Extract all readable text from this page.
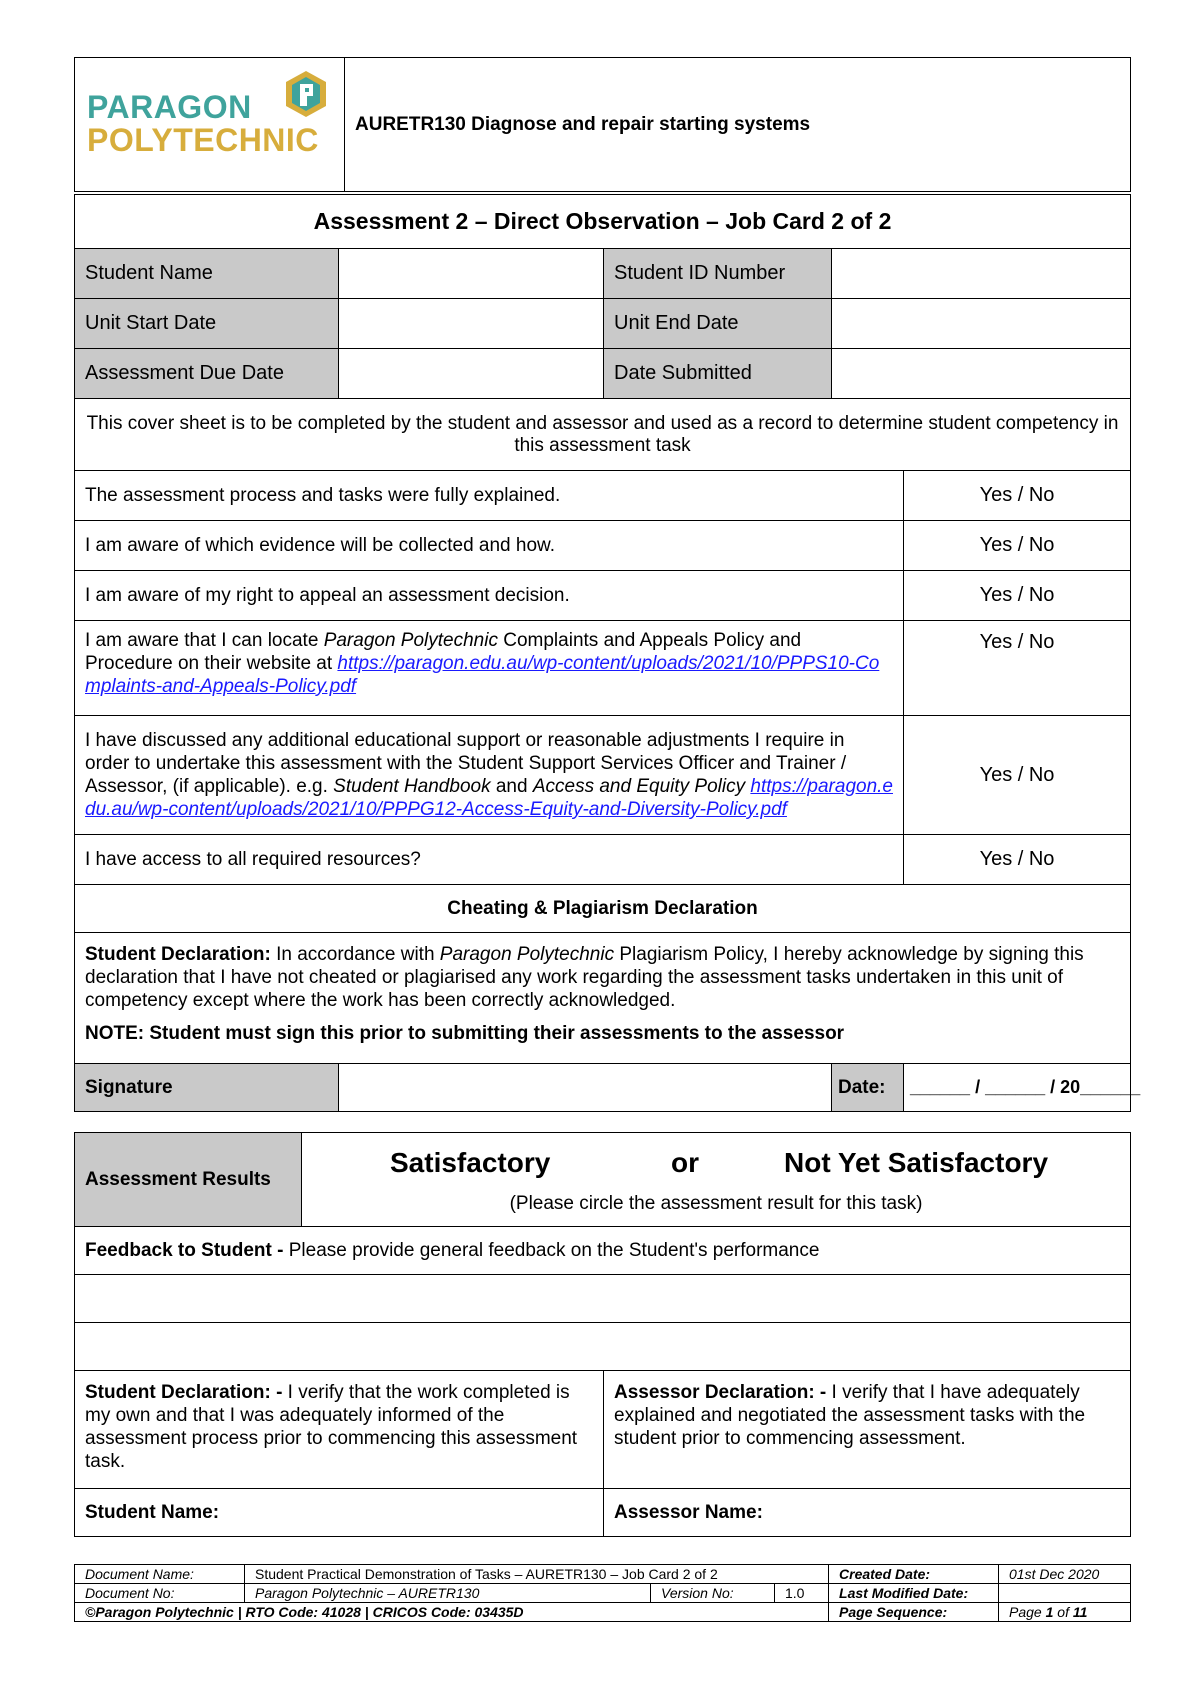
PARAGON
POLYTECHNIC	AURETR130 Diagnose and repair starting systems
Assessment 2 – Direct Observation – Job Card 2 of 2				
Student Name		Student ID Number		
Unit Start Date		Unit End Date		
Assessment Due Date		Date Submitted		
This cover sheet is to be completed by the student and assessor and used as a record to determine student competency in this assessment task				
The assessment process and tasks were fully explained.				Yes / No
I am aware of which evidence will be collected and how.				Yes / No
I am aware of my right to appeal an assessment decision.				Yes / No
I am aware that I can locate Paragon Polytechnic Complaints and Appeals Policy and Procedure on their website at https://paragon.edu.au/wp-content/uploads/2021/10/PPPS10-Complaints-and-Appeals-Policy.pdf				Yes / No
I have discussed any additional educational support or reasonable adjustments I require in order to undertake this assessment with the Student Support Services Officer and Trainer / Assessor, (if applicable). e.g. Student Handbook and Access and Equity Policy https://paragon.edu.au/wp-content/uploads/2021/10/PPPG12-Access-Equity-and-Diversity-Policy.pdf				Yes / No
I have access to all required resources?				Yes / No
Cheating & Plagiarism Declaration				

Student Declaration: In accordance with Paragon Polytechnic Plagiarism Policy, I hereby acknowledge by signing this declaration that I have not cheated or plagiarised any work regarding the assessment tasks undertaken in this unit of competency except where the work has been correctly acknowledged.
NOTE: Student must sign this prior to submitting their assessments to the assessor				

Signature			Date:	______ / ______ / 20______
Assessment Results	Satisfactory or Not Yet Satisfactory
(Please circle the assessment result for this task)	

Feedback to Student - Please provide general feedback on the Student's performance		

Student Declaration: - I verify that the work completed is my own and that I was adequately informed of the assessment process prior to commencing this assessment task.		Assessor Declaration: - I verify that I have adequately explained and negotiated the assessment tasks with the student prior to commencing assessment.
Student Name:		Assessor Name:
Document Name:	Student Practical Demonstration of Tasks – AURETR130 – Job Card 2 of 2			Created Date:	01st Dec 2020
Document No:	Paragon Polytechnic – AURETR130	Version No:	1.0	Last Modified Date:	
©Paragon Polytechnic | RTO Code: 41028 | CRICOS Code: 03435D				Page Sequence:	Page 1 of 11
